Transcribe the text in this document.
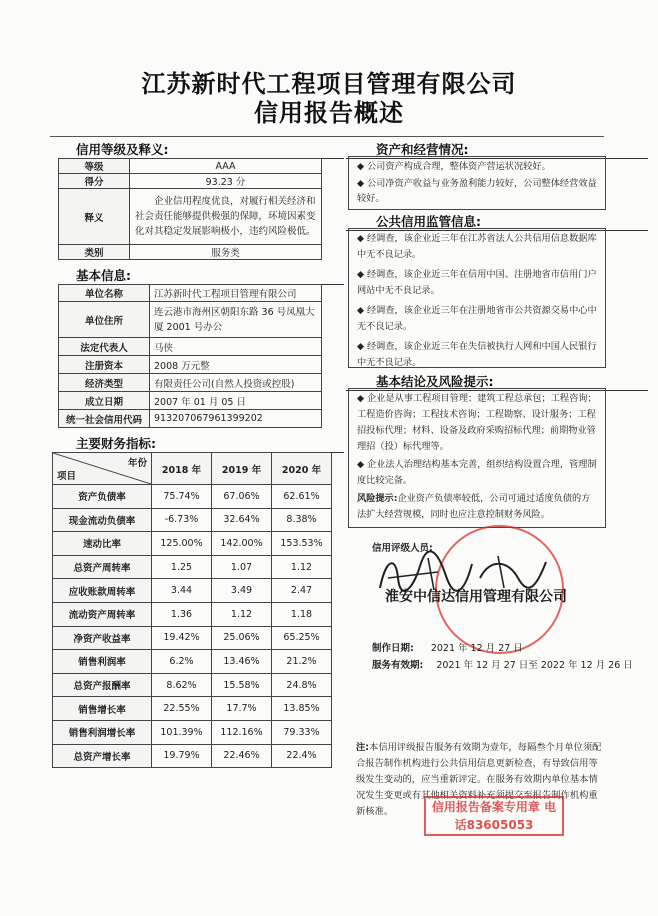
江苏新时代工程项目管理有限公司
信用报告概述
信用等级及释义:
等级	AAA
得分	93.23 分
释义	企业信用程度优良，对履行相关经济和社会责任能够提供极强的保障，环境因素变化对其稳定发展影响极小，违约风险极低。
类别	服务类
基本信息:
单位名称	江苏新时代工程项目管理有限公司
单位住所	连云港市海州区朝阳东路 36 号凤凰大厦 2001 号办公
法定代表人	马侠
注册资本	2008 万元整
经济类型	有限责任公司(自然人投资或控股)
成立日期	2007 年 01 月 05 日
统一社会信用代码	913207067961399202
主要财务指标:
年份
项目	2018 年	2019 年	2020 年
资产负债率	75.74%	67.06%	62.61%
现金流动负债率	-6.73%	32.64%	8.38%
速动比率	125.00%	142.00%	153.53%
总资产周转率	1.25	1.07	1.12
应收账款周转率	3.44	3.49	2.47
流动资产周转率	1.36	1.12	1.18
净资产收益率	19.42%	25.06%	65.25%
销售利润率	6.2%	13.46%	21.2%
总资产报酬率	8.62%	15.58%	24.8%
销售增长率	22.55%	17.7%	13.85%
销售利润增长率	101.39%	112.16%	79.33%
总资产增长率	19.79%	22.46%	22.4%
资产和经营情况:

◆ 公司资产构成合理，整体资产营运状况较好。

◆ 公司净资产收益与业务盈利能力较好，公司整体经营效益较好。

公共信用监管信息:

◆ 经调查，该企业近三年在江苏省法人公共信用信息数据库中无不良记录。

◆ 经调查，该企业近三年在信用中国、注册地省市信用门户网站中无不良记录。

◆ 经调查，该企业近三年在注册地省市公共资源交易中心中无不良记录。

◆ 经调查，该企业近三年在失信被执行人网和中国人民银行中无不良记录。

基本结论及风险提示:

◆ 企业是从事工程项目管理；建筑工程总承包；工程咨询；工程造价咨询；工程技术咨询；工程勘察、设计服务；工程招投标代理；材料、设备及政府采购招标代理；前期物业管理招（投）标代理等。

◆ 企业法人治理结构基本完善，组织结构设置合理，管理制度比较完备。

风险提示:企业资产负债率较低，公司可通过适度负债的方法扩大经营规模，同时也应注意控制财务风险。

信用评级人员:
淮安中信达信用管理有限公司
制作日期: 2021 年 12 月 27 日
服务有效期: 2021 年 12 月 27 日至 2022 年 12 月 26 日
注:本信用评级报告服务有效期为壹年，每隔叁个月单位须配合报告制作机构进行公共信用信息更新检查，有导致信用等级发生变动的，应当重新评定。在服务有效期内单位基本情况发生变更或有其他相关资料补充须提交至报告制作机构重新核准。	信用报告备案专用章 电话83605053
